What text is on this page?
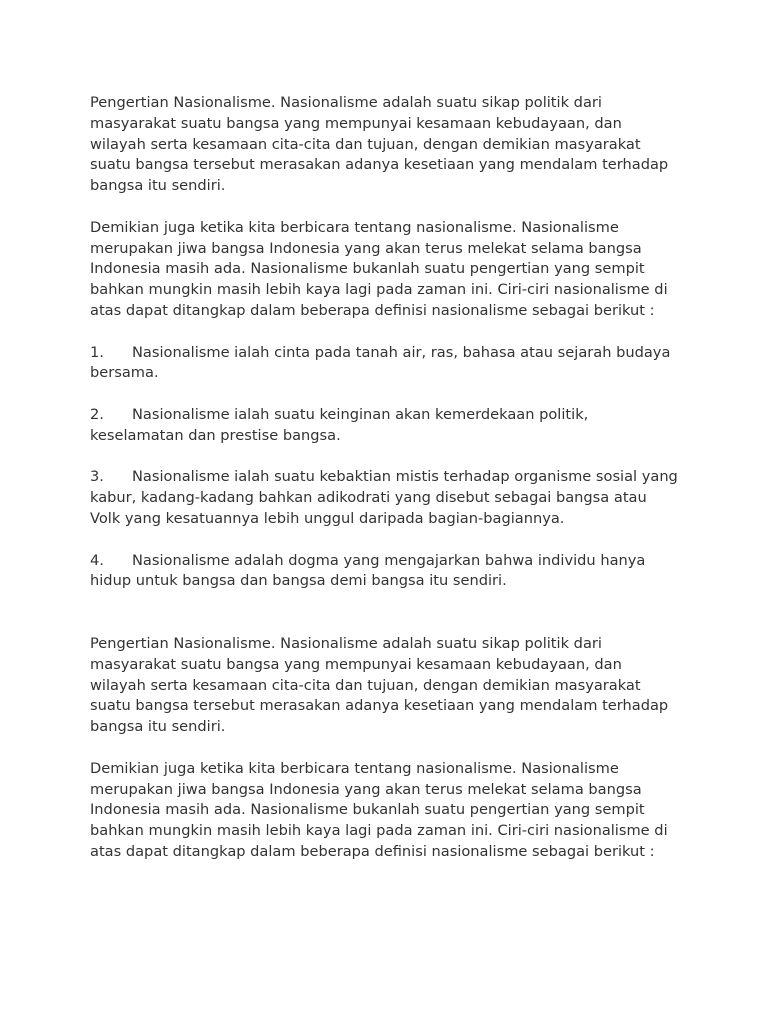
Pengertian Nasionalisme. Nasionalisme adalah suatu sikap politik dari masyarakat suatu bangsa yang mempunyai kesamaan kebudayaan, dan wilayah serta kesamaan cita-cita dan tujuan, dengan demikian masyarakat suatu bangsa tersebut merasakan adanya kesetiaan yang mendalam terhadap bangsa itu sendiri.

Demikian juga ketika kita berbicara tentang nasionalisme. Nasionalisme merupakan jiwa bangsa Indonesia yang akan terus melekat selama bangsa Indonesia masih ada. Nasionalisme bukanlah suatu pengertian yang sempit bahkan mungkin masih lebih kaya lagi pada zaman ini. Ciri-ciri nasionalisme di atas dapat ditangkap dalam beberapa definisi nasionalisme sebagai berikut :

1. Nasionalisme ialah cinta pada tanah air, ras, bahasa atau sejarah budaya bersama.
2. Nasionalisme ialah suatu keinginan akan kemerdekaan politik, keselamatan dan prestise bangsa.
3. Nasionalisme ialah suatu kebaktian mistis terhadap organisme sosial yang kabur, kadang-kadang bahkan adikodrati yang disebut sebagai bangsa atau Volk yang kesatuannya lebih unggul daripada bagian-bagiannya.
4. Nasionalisme adalah dogma yang mengajarkan bahwa individu hanya hidup untuk bangsa dan bangsa demi bangsa itu sendiri.

Pengertian Nasionalisme. Nasionalisme adalah suatu sikap politik dari masyarakat suatu bangsa yang mempunyai kesamaan kebudayaan, dan wilayah serta kesamaan cita-cita dan tujuan, dengan demikian masyarakat suatu bangsa tersebut merasakan adanya kesetiaan yang mendalam terhadap bangsa itu sendiri.

Demikian juga ketika kita berbicara tentang nasionalisme. Nasionalisme merupakan jiwa bangsa Indonesia yang akan terus melekat selama bangsa Indonesia masih ada. Nasionalisme bukanlah suatu pengertian yang sempit bahkan mungkin masih lebih kaya lagi pada zaman ini. Ciri-ciri nasionalisme di atas dapat ditangkap dalam beberapa definisi nasionalisme sebagai berikut :
